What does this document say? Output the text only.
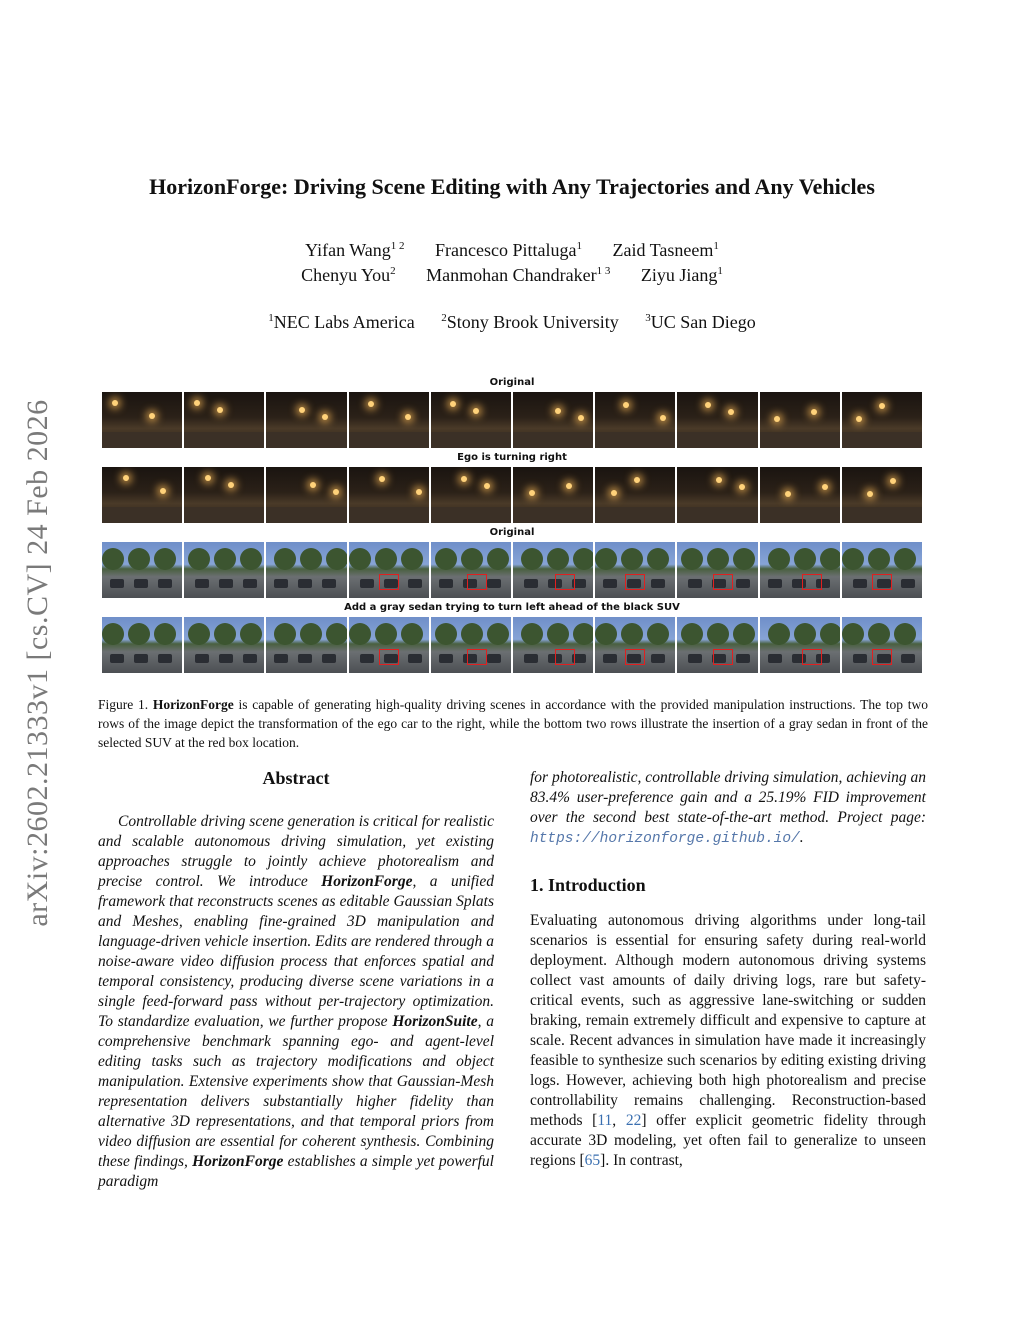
arXiv:2602.21333v1 [cs.CV] 24 Feb 2026
HorizonForge: Driving Scene Editing with Any Trajectories and Any Vehicles
Yifan Wang$^{1 2}$ Francesco Pittaluga$^1$ Zaid Tasneem$^1$
Chenyu You$^2$ Manmohan Chandraker$^{1 3}$ Ziyu Jiang$^1$
$^1$NEC Labs America $^2$Stony Brook University $^3$UC San Diego
Original
Ego is turning right
Original
Add a gray sedan trying to turn left ahead of the black SUV
Figure 1. HorizonForge is capable of generating high-quality driving scenes in accordance with the provided manipulation instructions. The top two rows of the image depict the transformation of the ego car to the right, while the bottom two rows illustrate the insertion of a gray sedan in front of the selected SUV at the red box location.
Abstract

Controllable driving scene generation is critical for realistic and scalable autonomous driving simulation, yet existing approaches struggle to jointly achieve photorealism and precise control. We introduce HorizonForge, a unified framework that reconstructs scenes as editable Gaussian Splats and Meshes, enabling fine-grained 3D manipulation and language-driven vehicle insertion. Edits are rendered through a noise-aware video diffusion process that enforces spatial and temporal consistency, producing diverse scene variations in a single feed-forward pass without per-trajectory optimization. To standardize evaluation, we further propose HorizonSuite, a comprehensive benchmark spanning ego- and agent-level editing tasks such as trajectory modifications and object manipulation. Extensive experiments show that Gaussian-Mesh representation delivers substantially higher fidelity than alternative 3D representations, and that temporal priors from video diffusion are essential for coherent synthesis. Combining these findings, HorizonForge establishes a simple yet powerful paradigm

for photorealistic, controllable driving simulation, achieving an 83.4% user-preference gain and a 25.19% FID improvement over the second best state-of-the-art method. Project page: https://horizonforge.github.io/.

1. Introduction

Evaluating autonomous driving algorithms under long-tail scenarios is essential for ensuring safety during real-world deployment. Although modern autonomous driving systems collect vast amounts of daily driving logs, rare but safety-critical events, such as aggressive lane-switching or sudden braking, remain extremely difficult and expensive to capture at scale. Recent advances in simulation have made it increasingly feasible to synthesize such scenarios by editing existing driving logs. However, achieving both high photorealism and precise controllability remains challenging. Reconstruction-based methods [11, 22] offer explicit geometric fidelity through accurate 3D modeling, yet often fail to generalize to unseen regions [65]. In contrast,
